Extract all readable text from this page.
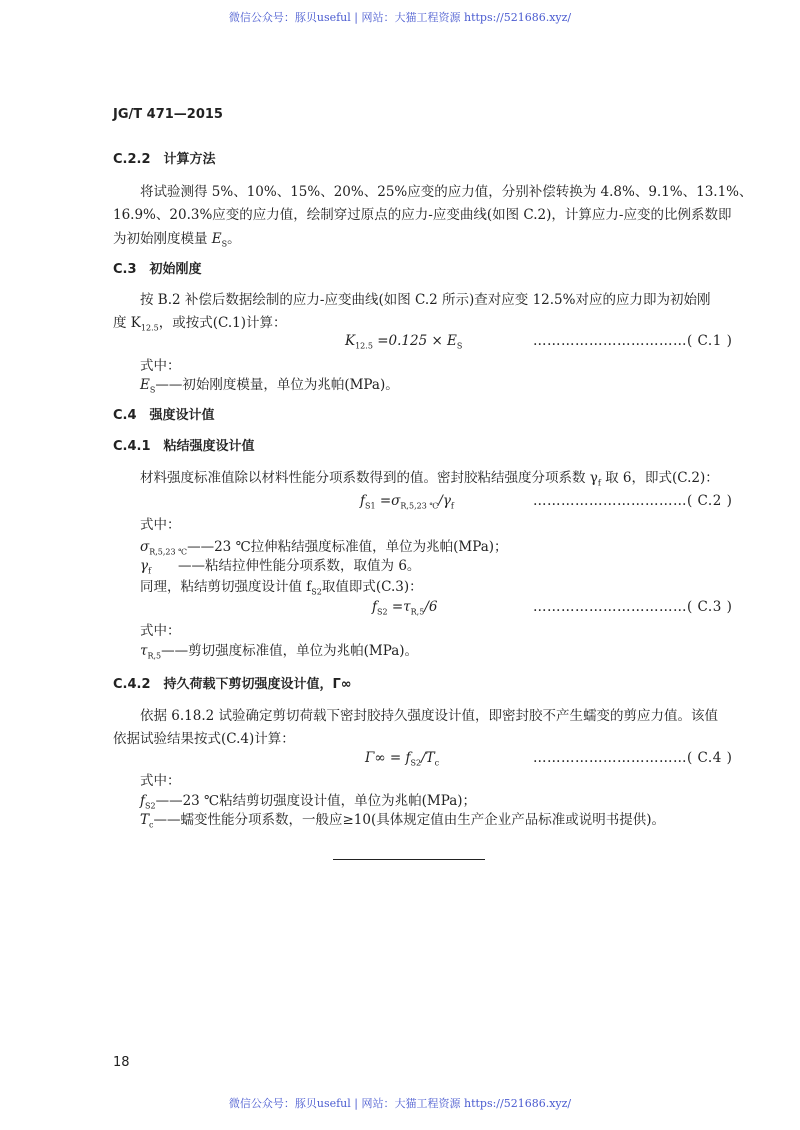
微信公众号：豚贝useful | 网站：大猫工程资源 https://521686.xyz/
JG/T 471—2015
C.2.2　计算方法
将试验测得 5%、10%、15%、20%、25%应变的应力值，分别补偿转换为 4.8%、9.1%、13.1%、
16.9%、20.3%应变的应力值，绘制穿过原点的应力-应变曲线(如图 C.2)，计算应力-应变的比例系数即
为初始刚度模量 $E_S$。
C.3　初始刚度
按 B.2 补偿后数据绘制的应力-应变曲线(如图 C.2 所示)查对应变 12.5%对应的应力即为初始刚
度 $K_{12.5}$，或按式(C.1)计算：
$K_{12.5} =0.125 \times E_S$	……………………………( C.1 )
式中：
$E_S——$初始刚度模量，单位为兆帕(MPa)。
C.4　强度设计值
C.4.1　粘结强度设计值
材料强度标准值除以材料性能分项系数得到的值。密封胶粘结强度分项系数 $\gamma_f$ 取 6，即式(C.2)：
$f_{S1} =\sigma_{R,5,23 ℃}/\gamma_f$	……………………………( C.2 )
式中：
$\sigma_{R,5,23 ℃}——23$ ℃拉伸粘结强度标准值，单位为兆帕(MPa)；
$\gamma_f$　　——粘结拉伸性能分项系数，取值为 6。
同理，粘结剪切强度设计值 $f_{S2}$取值即式(C.3)：
$f_{S2} =\tau_{R,5}/6$	……………………………( C.3 )
式中：
$\tau_{R,5}——$剪切强度标准值，单位为兆帕(MPa)。
C.4.2　持久荷载下剪切强度设计值，Γ∞
依据 6.18.2 试验确定剪切荷载下密封胶持久强度设计值，即密封胶不产生蠕变的剪应力值。该值
依据试验结果按式(C.4)计算：
$\Gamma\infty = f_{S2}/T_c$	……………………………( C.4 )
式中：
$f_{S2}——23$ ℃粘结剪切强度设计值，单位为兆帕(MPa)；
$T_c——$蠕变性能分项系数，一般应≥10(具体规定值由生产企业产品标准或说明书提供)。
18
微信公众号：豚贝useful | 网站：大猫工程资源 https://521686.xyz/
